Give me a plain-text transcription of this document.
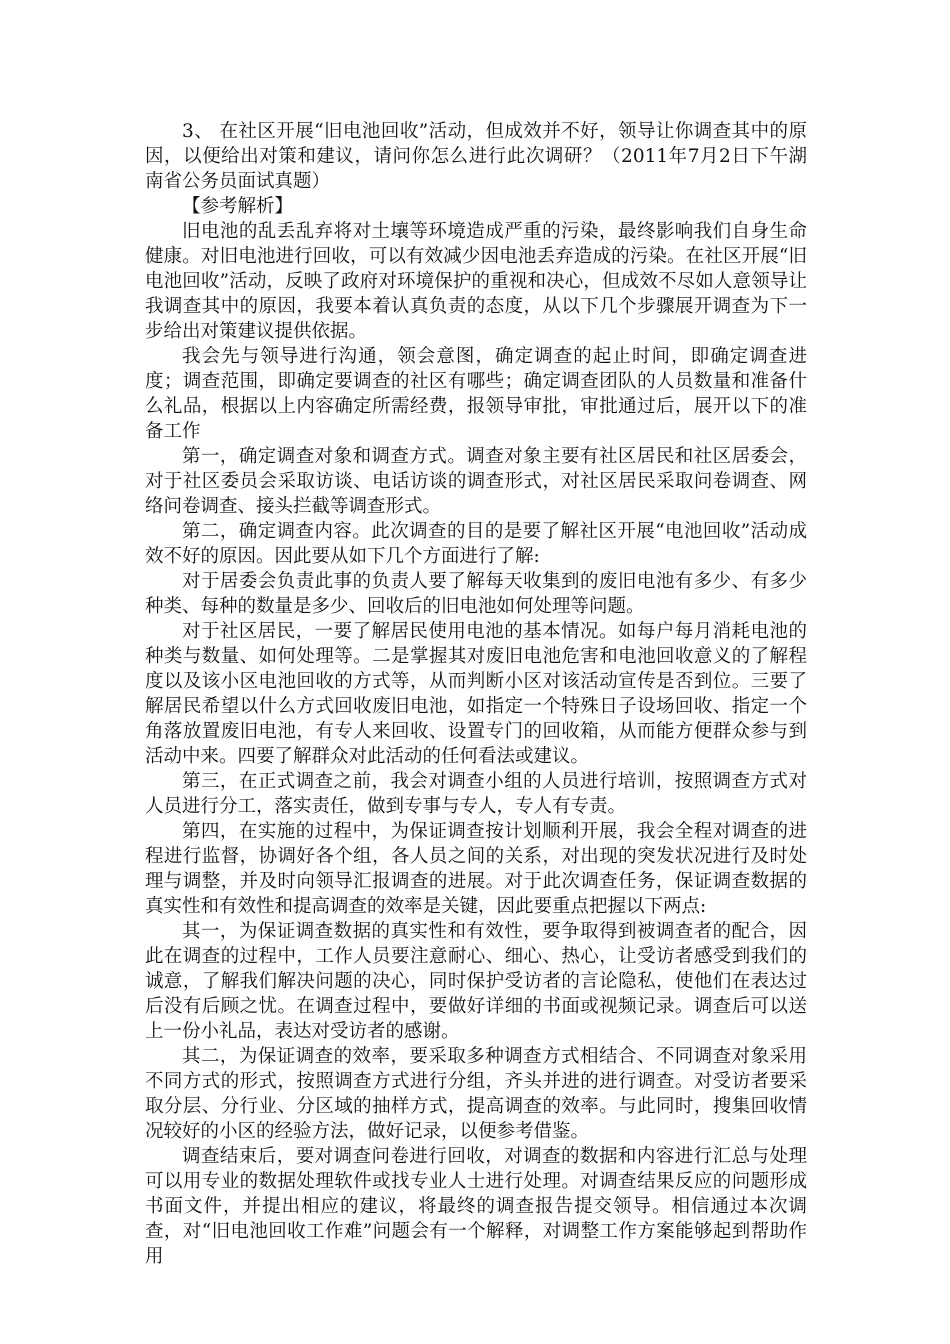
3、 在社区开展“旧电池回收”活动，但成效并不好，领导让你调查其中的原因，以便给出对策和建议，请问你怎么进行此次调研？（2011年7月2日下午湖南省公务员面试真题）

【参考解析】

旧电池的乱丢乱弃将对土壤等环境造成严重的污染，最终影响我们自身生命健康。对旧电池进行回收，可以有效减少因电池丢弃造成的污染。在社区开展“旧电池回收”活动，反映了政府对环境保护的重视和决心，但成效不尽如人意领导让我调查其中的原因，我要本着认真负责的态度，从以下几个步骤展开调查为下一步给出对策建议提供依据。

我会先与领导进行沟通，领会意图，确定调查的起止时间，即确定调查进度；调查范围，即确定要调查的社区有哪些；确定调查团队的人员数量和准备什么礼品，根据以上内容确定所需经费，报领导审批，审批通过后，展开以下的准备工作

第一，确定调查对象和调查方式。调查对象主要有社区居民和社区居委会，对于社区委员会采取访谈、电话访谈的调查形式，对社区居民采取问卷调查、网络问卷调查、接头拦截等调查形式。

第二，确定调查内容。此次调查的目的是要了解社区开展“电池回收”活动成效不好的原因。因此要从如下几个方面进行了解:

对于居委会负责此事的负责人要了解每天收集到的废旧电池有多少、有多少种类、每种的数量是多少、回收后的旧电池如何处理等问题。

对于社区居民，一要了解居民使用电池的基本情况。如每户每月消耗电池的种类与数量、如何处理等。二是掌握其对废旧电池危害和电池回收意义的了解程度以及该小区电池回收的方式等，从而判断小区对该活动宣传是否到位。三要了解居民希望以什么方式回收废旧电池，如指定一个特殊日子设场回收、指定一个角落放置废旧电池，有专人来回收、设置专门的回收箱，从而能方便群众参与到活动中来。四要了解群众对此活动的任何看法或建议。

第三，在正式调查之前，我会对调查小组的人员进行培训，按照调查方式对人员进行分工，落实责任，做到专事与专人，专人有专责。

第四，在实施的过程中，为保证调查按计划顺利开展，我会全程对调查的进程进行监督，协调好各个组，各人员之间的关系，对出现的突发状况进行及时处理与调整，并及时向领导汇报调查的进展。对于此次调查任务，保证调查数据的真实性和有效性和提高调查的效率是关键，因此要重点把握以下两点:

其一，为保证调查数据的真实性和有效性，要争取得到被调查者的配合，因此在调查的过程中，工作人员要注意耐心、细心、热心，让受访者感受到我们的诚意，了解我们解决问题的决心，同时保护受访者的言论隐私，使他们在表达过后没有后顾之忧。在调查过程中，要做好详细的书面或视频记录。调查后可以送上一份小礼品，表达对受访者的感谢。

其二，为保证调查的效率，要采取多种调查方式相结合、不同调查对象采用不同方式的形式，按照调查方式进行分组，齐头并进的进行调查。对受访者要采取分层、分行业、分区域的抽样方式，提高调查的效率。与此同时，搜集回收情况较好的小区的经验方法，做好记录，以便参考借鉴。

调查结束后，要对调查问卷进行回收，对调查的数据和内容进行汇总与处理可以用专业的数据处理软件或找专业人士进行处理。对调查结果反应的问题形成书面文件，并提出相应的建议，将最终的调查报告提交领导。相信通过本次调查，对“旧电池回收工作难”问题会有一个解释，对调整工作方案能够起到帮助作用
